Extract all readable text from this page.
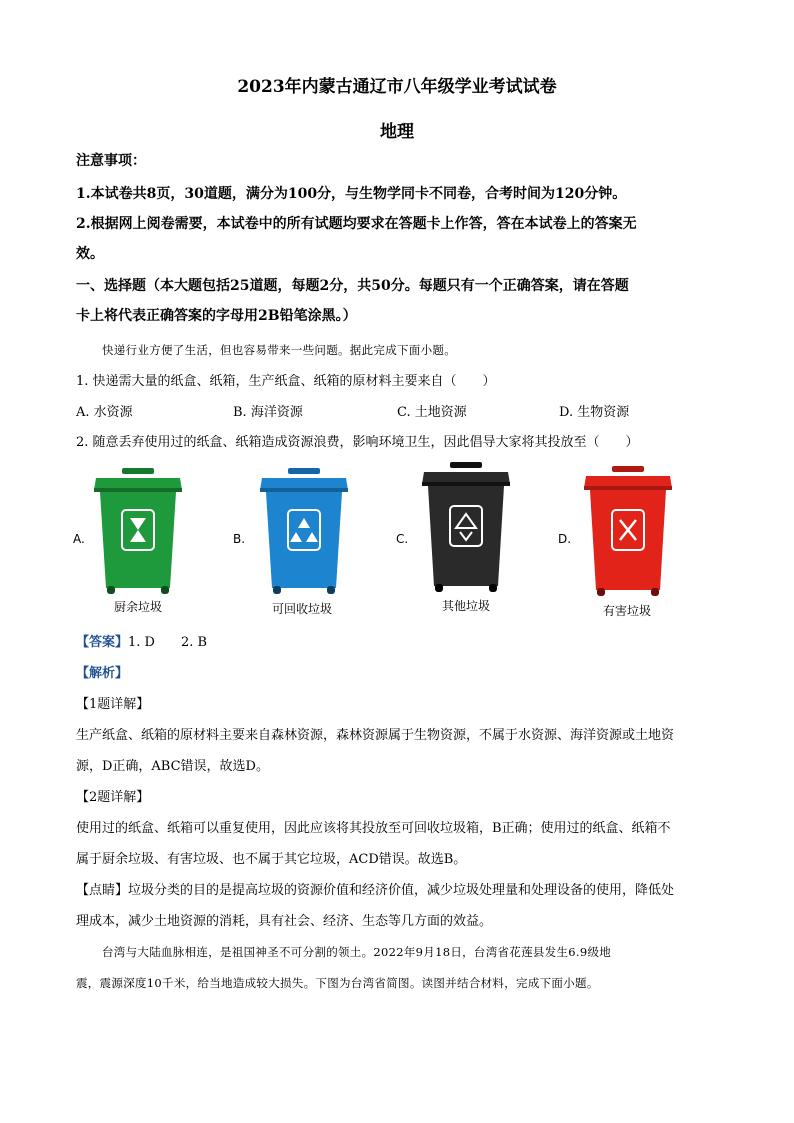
2023年内蒙古通辽市八年级学业考试试卷
地理
注意事项：
1.本试卷共8页，30道题，满分为100分，与生物学同卡不同卷，合考时间为120分钟。
2.根据网上阅卷需要，本试卷中的所有试题均要求在答题卡上作答，答在本试卷上的答案无
效。
一、选择题（本大题包括25道题，每题2分，共50分。每题只有一个正确答案，请在答题
卡上将代表正确答案的字母用2B铅笔涂黑。）
快递行业方便了生活，但也容易带来一些问题。据此完成下面小题。
1. 快递需大量的纸盒、纸箱，生产纸盒、纸箱的原材料主要来自（　　）
A. 水资源	B. 海洋资源	C. 土地资源	D. 生物资源
2. 随意丢弃使用过的纸盒、纸箱造成资源浪费，影响环境卫生，因此倡导大家将其投放至（　　）
A.
厨余垃圾
B.
可回收垃圾
C.
其他垃圾
D.
有害垃圾
【答案】1. D　　2. B
【解析】
【1题详解】
生产纸盒、纸箱的原材料主要来自森林资源，森林资源属于生物资源，不属于水资源、海洋资源或土地资
源，D正确，ABC错误，故选D。
【2题详解】
使用过的纸盒、纸箱可以重复使用，因此应该将其投放至可回收垃圾箱，B正确；使用过的纸盒、纸箱不
属于厨余垃圾、有害垃圾、也不属于其它垃圾，ACD错误。故选B。
【点睛】垃圾分类的目的是提高垃圾的资源价值和经济价值，减少垃圾处理量和处理设备的使用，降低处
理成本，减少土地资源的消耗，具有社会、经济、生态等几方面的效益。
台湾与大陆血脉相连，是祖国神圣不可分割的领土。2022年9月18日，台湾省花莲县发生6.9级地
震，震源深度10千米，给当地造成较大损失。下图为台湾省简图。读图并结合材料，完成下面小题。
